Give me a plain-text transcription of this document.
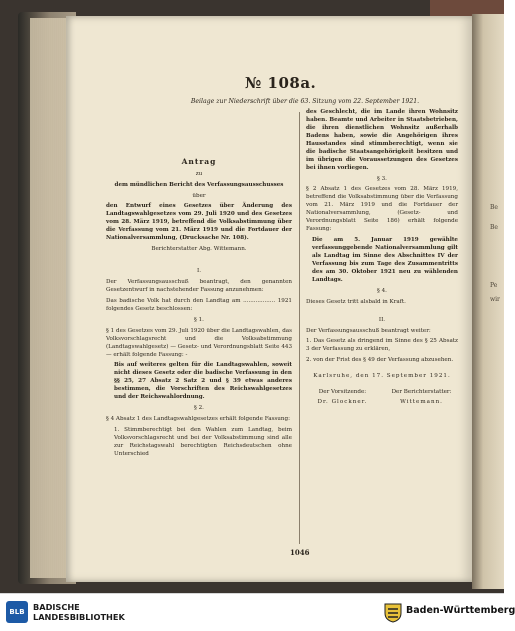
Be
Be
Pe
wir
№ 108a.
Beilage zur Niederschrift über die 63. Sitzung vom 22. September 1921.

Antrag

zu

dem mündlichen Bericht des Verfassungsausschusses

über

den Entwurf eines Gesetzes über Änderung des Landtagswahlgesetzes vom 29. Juli 1920 und des Gesetzes vom 28. März 1919, betreffend die Volksabstimmung über die Verfassung vom 21. März 1919 und die Fortdauer der Nationalversammlung, (Drucksache Nr. 108).

Berichterstatter Abg. Wittemann.

I.

Der Verfassungsausschuß beantragt, den genannten Gesetzentwurf in nachstehender Fassung anzunehmen:

Das badische Volk hat durch den Landtag am .................. 1921 folgendes Gesetz beschlossen:

§ 1.

§ 1 des Gesetzes vom 29. Juli 1920 über die Landtagswahlen, das Volksvorschlagsrecht und die Volksabstimmung (Landtagswahlgesetz) — Gesetz- und Verordnungsblatt Seite 443 — erhält folgende Fassung: -

Bis auf weiteres gelten für die Landtagswahlen, soweit nicht dieses Gesetz oder die badische Verfassung in den §§ 25, 27 Absatz 2 Satz 2 und § 39 etwas anderes bestimmen, die Vorschriften des Reichswahlgesetzes und der Reichswahlordnung.

§ 2.

§ 4 Absatz 1 des Landtagswahlgesetzes erhält folgende Fassung:

1. Stimmberechtigt bei den Wahlen zum Landtag, beim Volksvorschlagsrecht und bei der Volksabstimmung sind alle zur Reichstagswahl berechtigten Reichsdeutschen ohne Unterschied

des Geschlecht, die im Lande ihren Wohnsitz haben. Beamte und Arbeiter in Staatsbetrieben, die ihren dienstlichen Wohnsitz außerhalb Badens haben, sowie die Angehörigen ihres Hausstandes sind stimmberechtigt, wenn sie die badische Staatsangehörigkeit besitzen und im übrigen die Voraussetzungen des Gesetzes bei ihnen vorliegen.

§ 3.

§ 2 Absatz 1 des Gesetzes vom 28. März 1919, betreffend die Volksabstimmung über die Verfassung vom 21. März 1919 und die Fortdauer der Nationalversammlung, (Gesetz- und Verordnungsblatt Seite 186) erhält folgende Fassung:

Die am 5. Januar 1919 gewählte verfassunggebende Nationalversammlung gilt als Landtag im Sinne des Abschnittes IV der Verfassung bis zum Tage des Zusammentritts des am 30. Oktober 1921 neu zu wählenden Landtags.

§ 4.

Dieses Gesetz tritt alsbald in Kraft.

II.

Der Verfassungsausschuß beantragt weiter:

1. Das Gesetz als dringend im Sinne des § 25 Absatz 3 der Verfassung zu erklären,

2. von der Frist des § 49 der Verfassung abzusehen.

Karlsruhe, den 17. September 1921.

Der Vorsitzende:	Der Berichterstatter:
Dr. Glockner.	Wittemann.
1046
BLB	BADISCHE
LANDESBIBLIOTHEK
Baden-Württemberg
